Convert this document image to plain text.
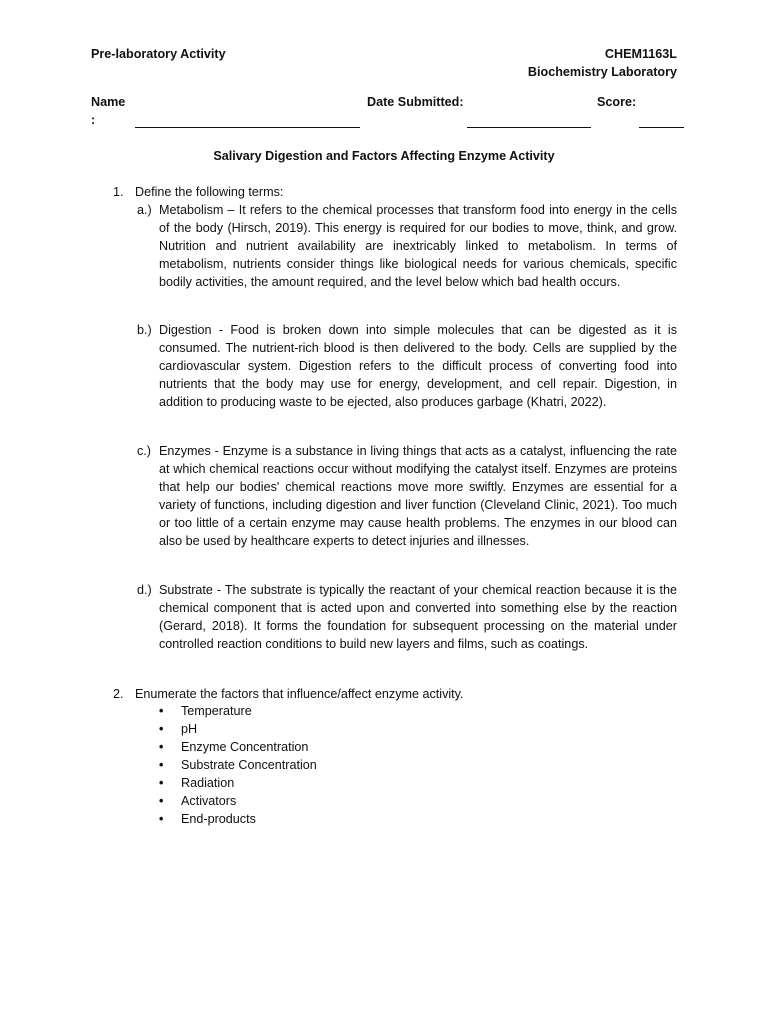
Pre-laboratory Activity	CHEM1163L
Biochemistry Laboratory
Name
:
Date Submitted:	Score:
Salivary Digestion and Factors Affecting Enzyme Activity
1. Define the following terms:
a.) Metabolism – It refers to the chemical processes that transform food into energy in the cells of the body (Hirsch, 2019). This energy is required for our bodies to move, think, and grow. Nutrition and nutrient availability are inextricably linked to metabolism. In terms of metabolism, nutrients consider things like biological needs for various chemicals, specific bodily activities, the amount required, and the level below which bad health occurs.
b.) Digestion - Food is broken down into simple molecules that can be digested as it is consumed. The nutrient-rich blood is then delivered to the body. Cells are supplied by the cardiovascular system. Digestion refers to the difficult process of converting food into nutrients that the body may use for energy, development, and cell repair. Digestion, in addition to producing waste to be ejected, also produces garbage (Khatri, 2022).
c.) Enzymes - Enzyme is a substance in living things that acts as a catalyst, influencing the rate at which chemical reactions occur without modifying the catalyst itself. Enzymes are proteins that help our bodies' chemical reactions move more swiftly. Enzymes are essential for a variety of functions, including digestion and liver function (Cleveland Clinic, 2021). Too much or too little of a certain enzyme may cause health problems. The enzymes in our blood can also be used by healthcare experts to detect injuries and illnesses.
d.) Substrate - The substrate is typically the reactant of your chemical reaction because it is the chemical component that is acted upon and converted into something else by the reaction (Gerard, 2018). It forms the foundation for subsequent processing on the material under controlled reaction conditions to build new layers and films, such as coatings.
2. Enumerate the factors that influence/affect enzyme activity.
• Temperature
• pH
• Enzyme Concentration
• Substrate Concentration
• Radiation
• Activators
• End-products
